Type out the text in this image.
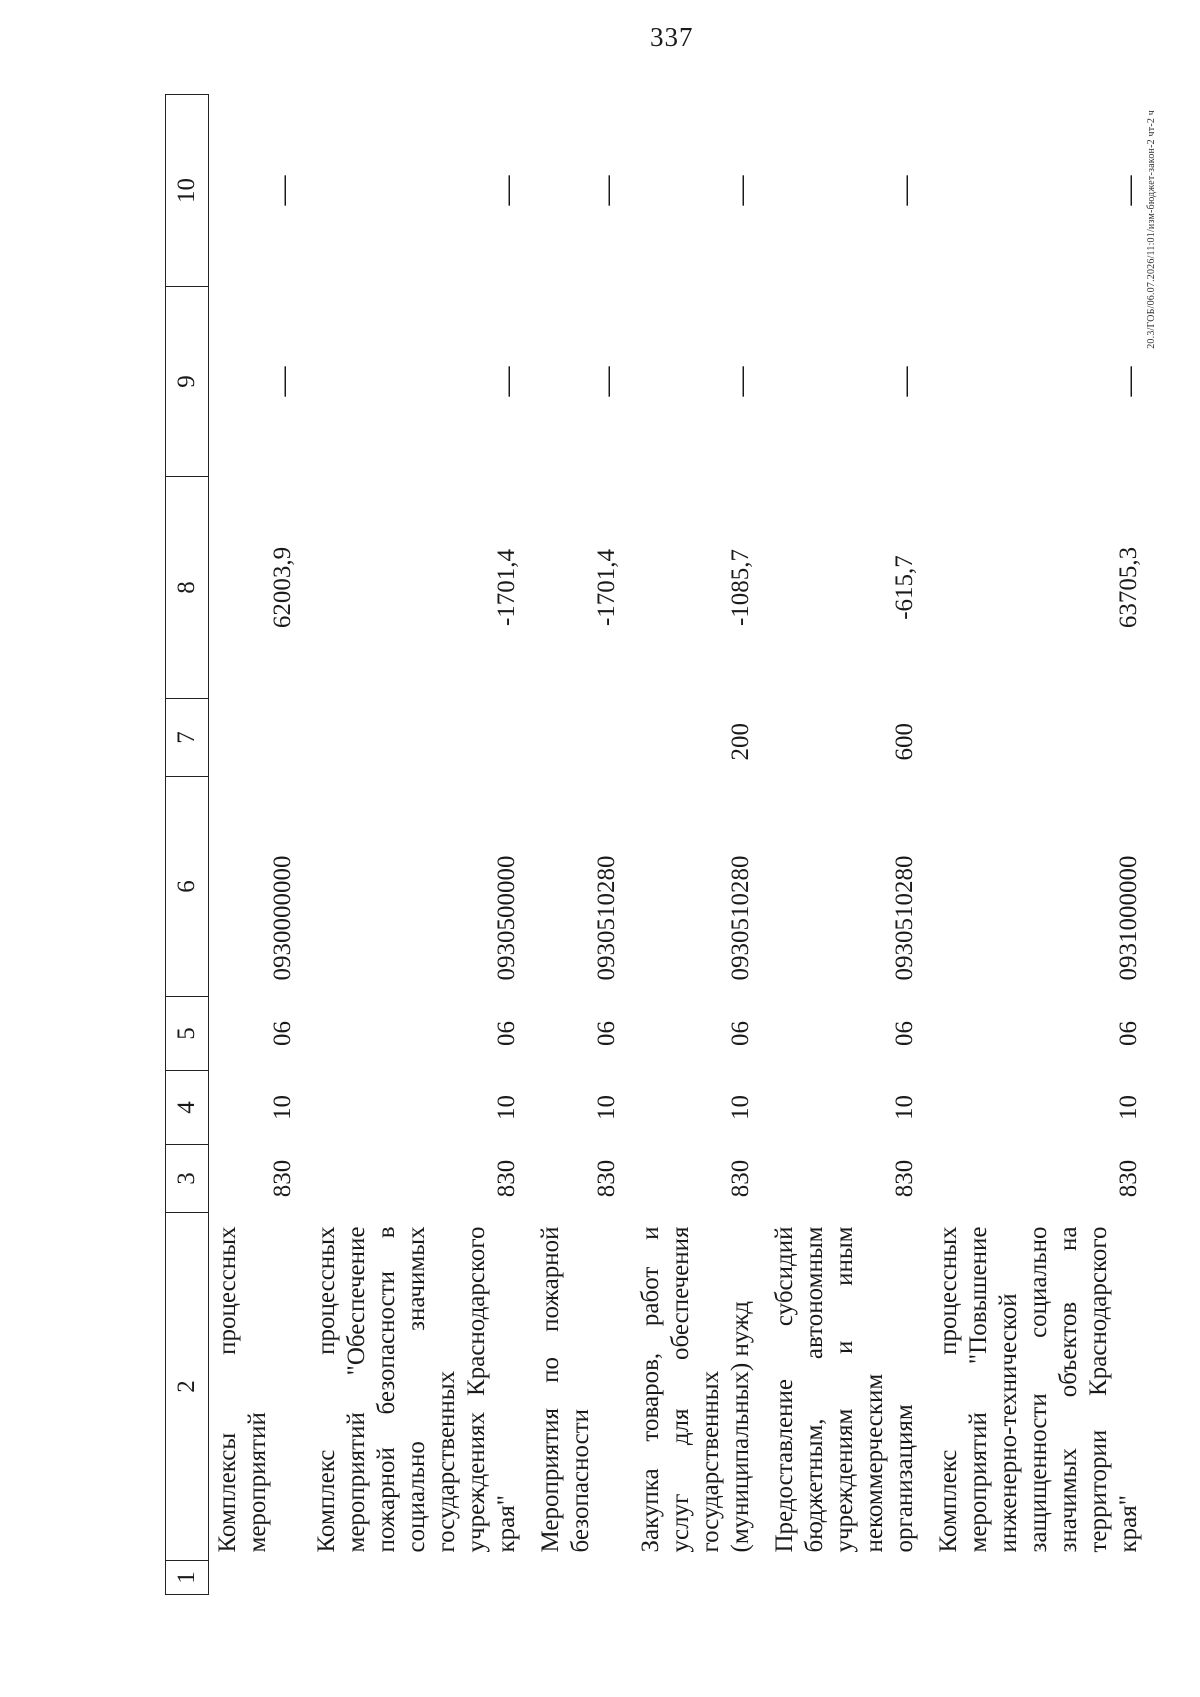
337
20.3/ГОБ/06.07.2026/11:01/изм-бюджет-закон-2 чт-2 ч
1	2	3	4	5	6	7	8	9	10
	Комплексы процессных мероприятий	830	10	06	0930000000		62003,9	—	—
	Комплекс процессных мероприятий "Обеспечение пожарной безопасности в социально значимых государственных учреждениях Краснодарского края"	830	10	06	0930500000		-1701,4	—	—
	Мероприятия по пожарной безопасности	830	10	06	0930510280		-1701,4	—	—
	Закупка товаров, работ и услуг для обеспечения государственных (муниципальных) нужд	830	10	06	0930510280	200	-1085,7	—	—
	Предоставление субсидий бюджетным, автономным учреждениям и иным некоммерческим организациям	830	10	06	0930510280	600	-615,7	—	—
	Комплекс процессных мероприятий "Повышение инженерно-технической защищенности социально значимых объектов на территории Краснодарского края"	830	10	06	0931000000		63705,3	—	—
